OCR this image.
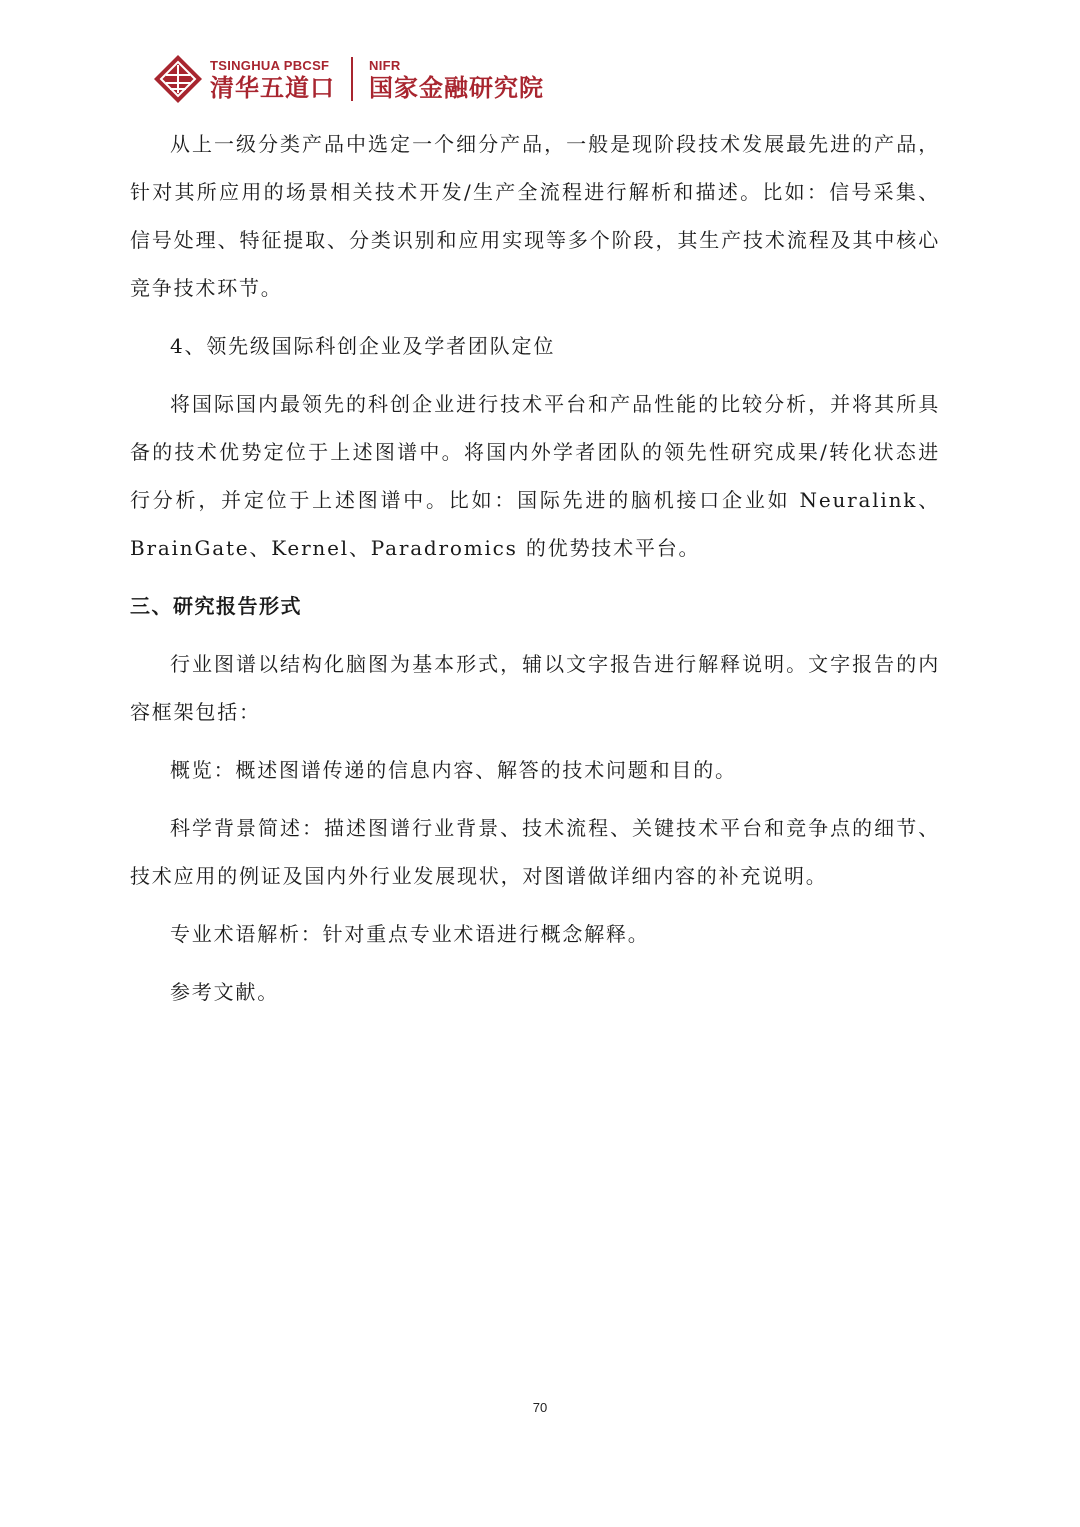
TSINGHUA PBCSF
清华五道口
NIFR
国家金融研究院

从上一级分类产品中选定一个细分产品，一般是现阶段技术发展最先进的产品，针对其所应用的场景相关技术开发/生产全流程进行解析和描述。比如：信号采集、信号处理、特征提取、分类识别和应用实现等多个阶段，其生产技术流程及其中核心竞争技术环节。

4、领先级国际科创企业及学者团队定位

将国际国内最领先的科创企业进行技术平台和产品性能的比较分析，并将其所具备的技术优势定位于上述图谱中。将国内外学者团队的领先性研究成果/转化状态进行分析，并定位于上述图谱中。比如：国际先进的脑机接口企业如 Neuralink、BrainGate、Kernel、Paradromics 的优势技术平台。

三、研究报告形式

行业图谱以结构化脑图为基本形式，辅以文字报告进行解释说明。文字报告的内容框架包括：

概览：概述图谱传递的信息内容、解答的技术问题和目的。

科学背景简述：描述图谱行业背景、技术流程、关键技术平台和竞争点的细节、技术应用的例证及国内外行业发展现状，对图谱做详细内容的补充说明。

专业术语解析：针对重点专业术语进行概念解释。

参考文献。

70
